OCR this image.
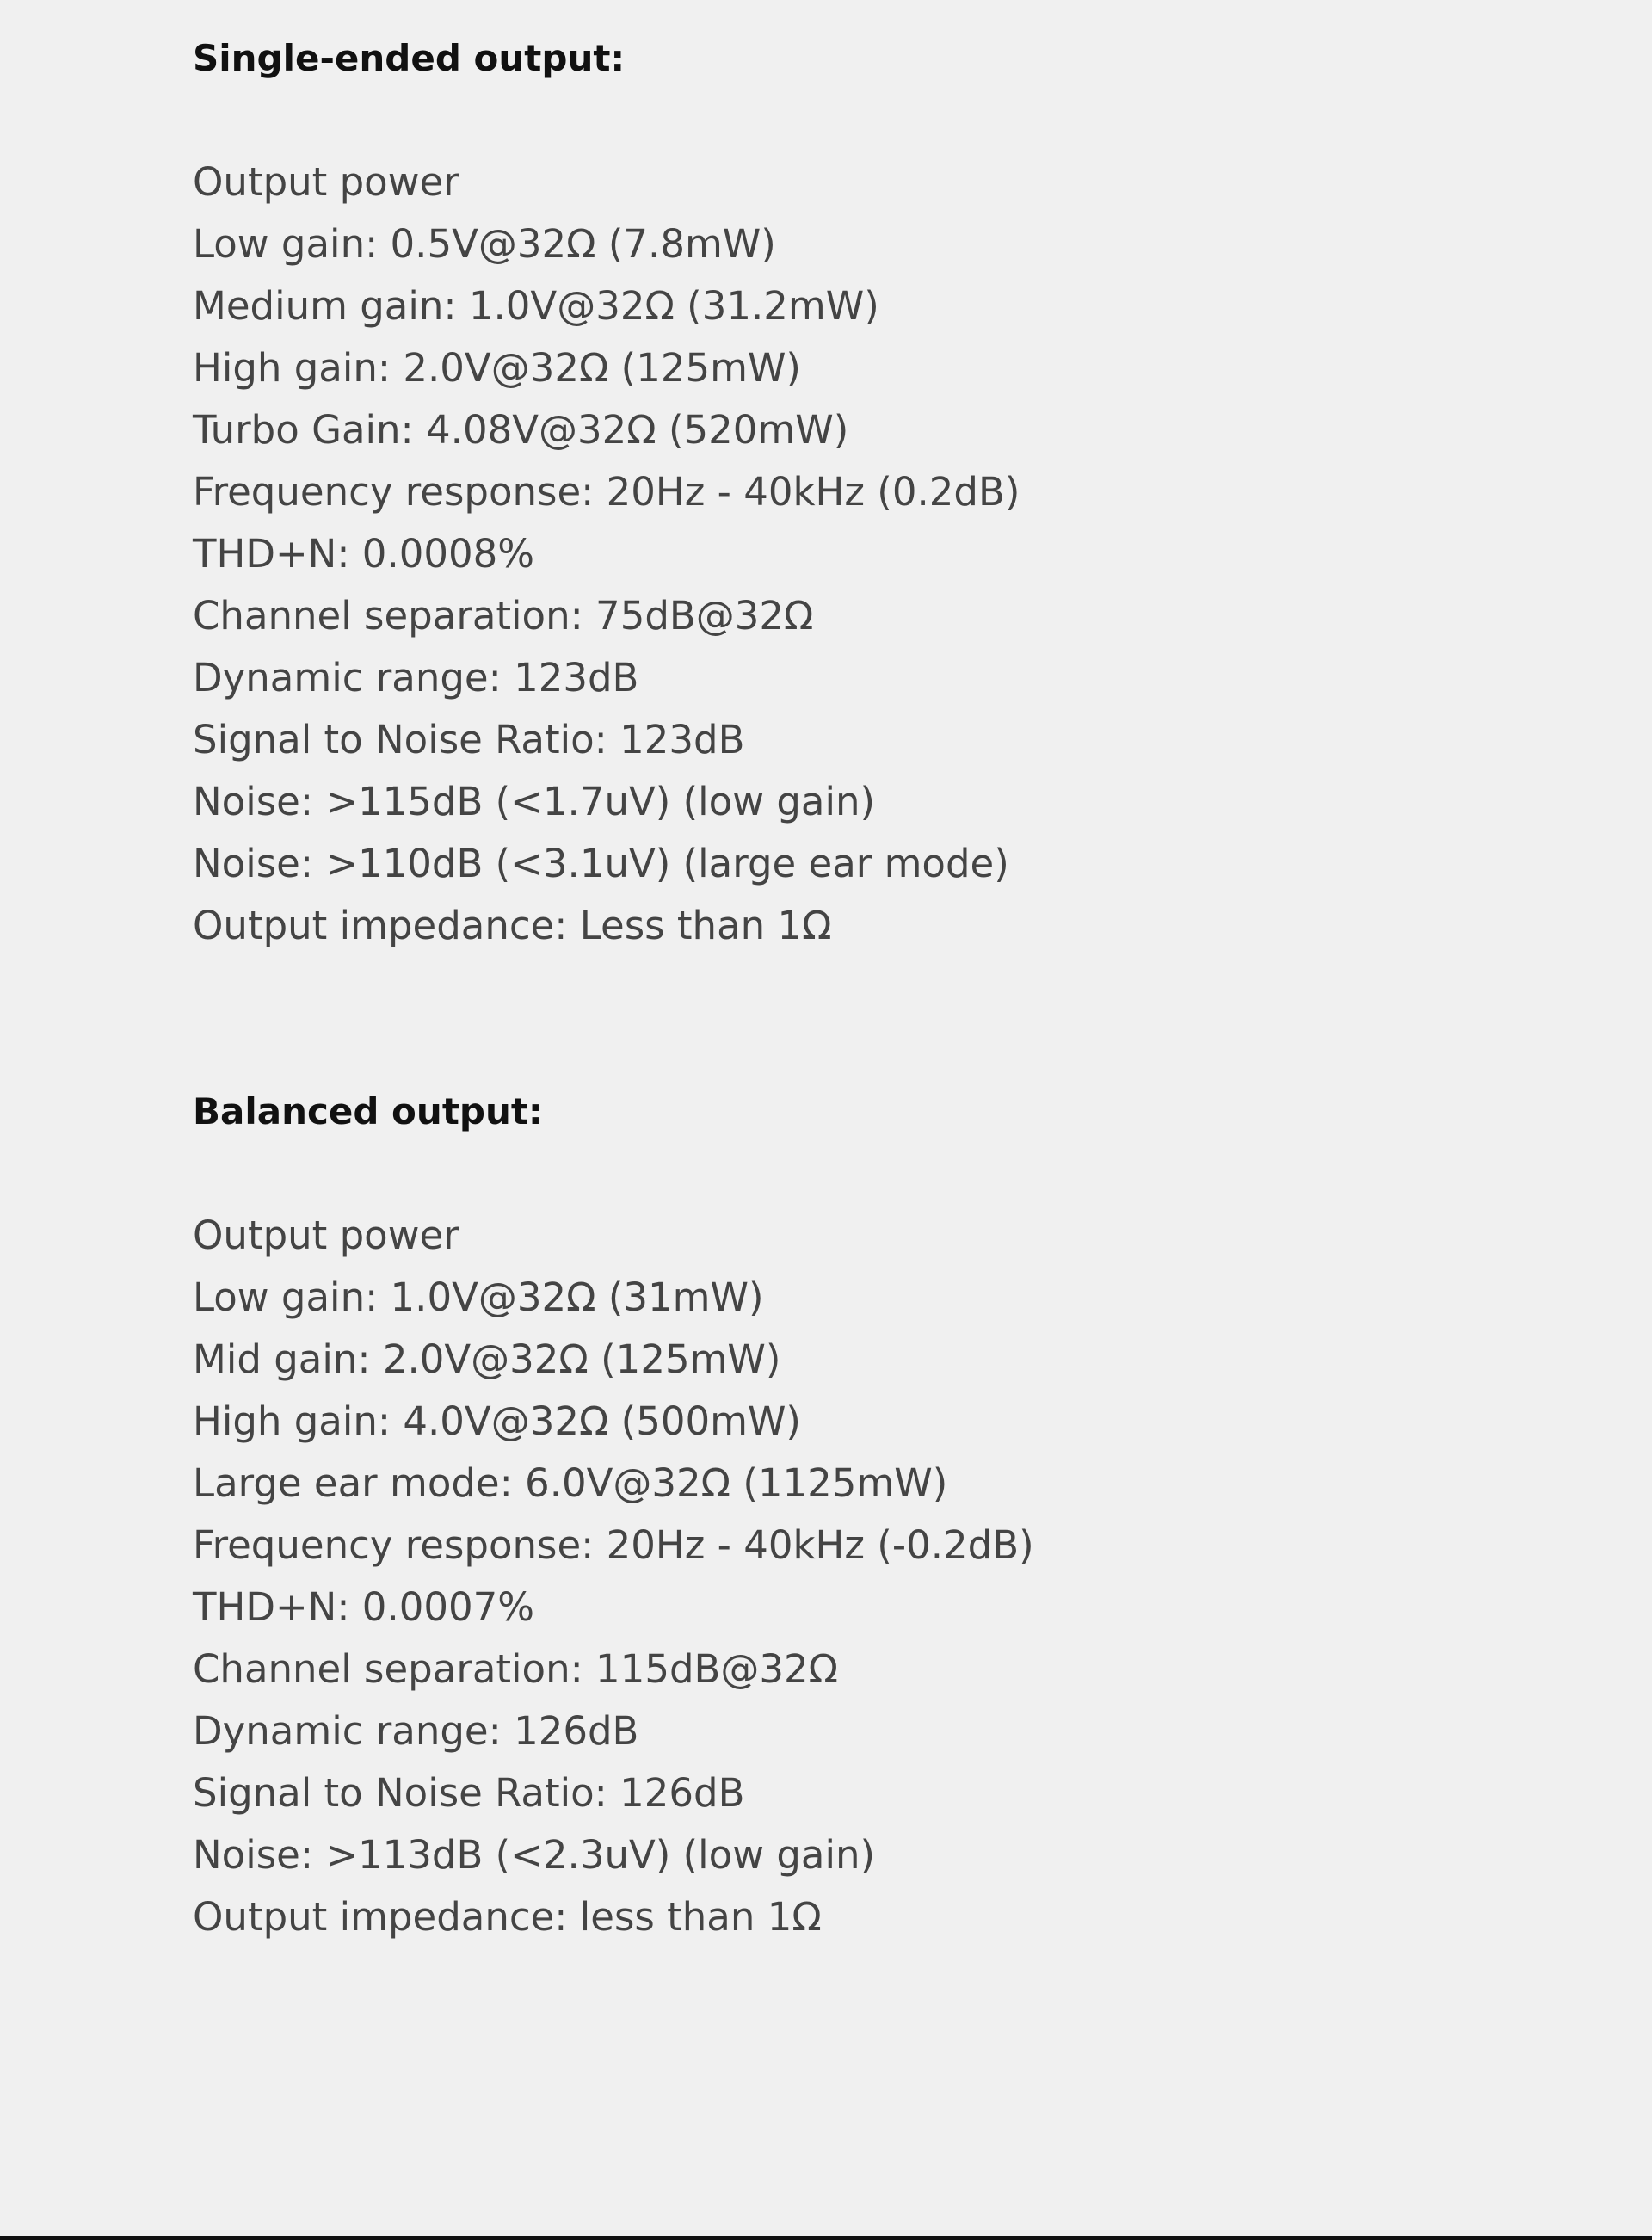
Single-ended output:
Output power
Low gain: 0.5V@32Ω (7.8mW)
Medium gain: 1.0V@32Ω (31.2mW)
High gain: 2.0V@32Ω (125mW)
Turbo Gain: 4.08V@32Ω (520mW)
Frequency response: 20Hz - 40kHz (0.2dB)
THD+N: 0.0008%
Channel separation: 75dB@32Ω
Dynamic range: 123dB
Signal to Noise Ratio: 123dB
Noise: >115dB (<1.7uV) (low gain)
Noise: >110dB (<3.1uV) (large ear mode)
Output impedance: Less than 1Ω
Balanced output:
Output power
Low gain: 1.0V@32Ω (31mW)
Mid gain: 2.0V@32Ω (125mW)
High gain: 4.0V@32Ω (500mW)
Large ear mode: 6.0V@32Ω (1125mW)
Frequency response: 20Hz - 40kHz (-0.2dB)
THD+N: 0.0007%
Channel separation: 115dB@32Ω
Dynamic range: 126dB
Signal to Noise Ratio: 126dB
Noise: >113dB (<2.3uV) (low gain)
Output impedance: less than 1Ω
